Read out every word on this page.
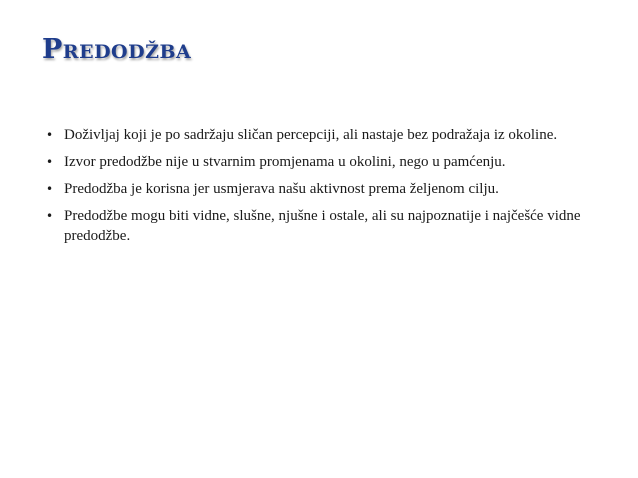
Predodžba
• Doživljaj koji je po sadržaju sličan percepciji, ali nastaje bez podražaja iz okoline.
• Izvor predodžbe nije u stvarnim promjenama u okolini, nego u pamćenju.
• Predodžba je korisna jer usmjerava našu aktivnost prema željenom cilju.
• Predodžbe mogu biti vidne, slušne, njušne i ostale, ali su najpoznatije i najčešće vidne predodžbe.
